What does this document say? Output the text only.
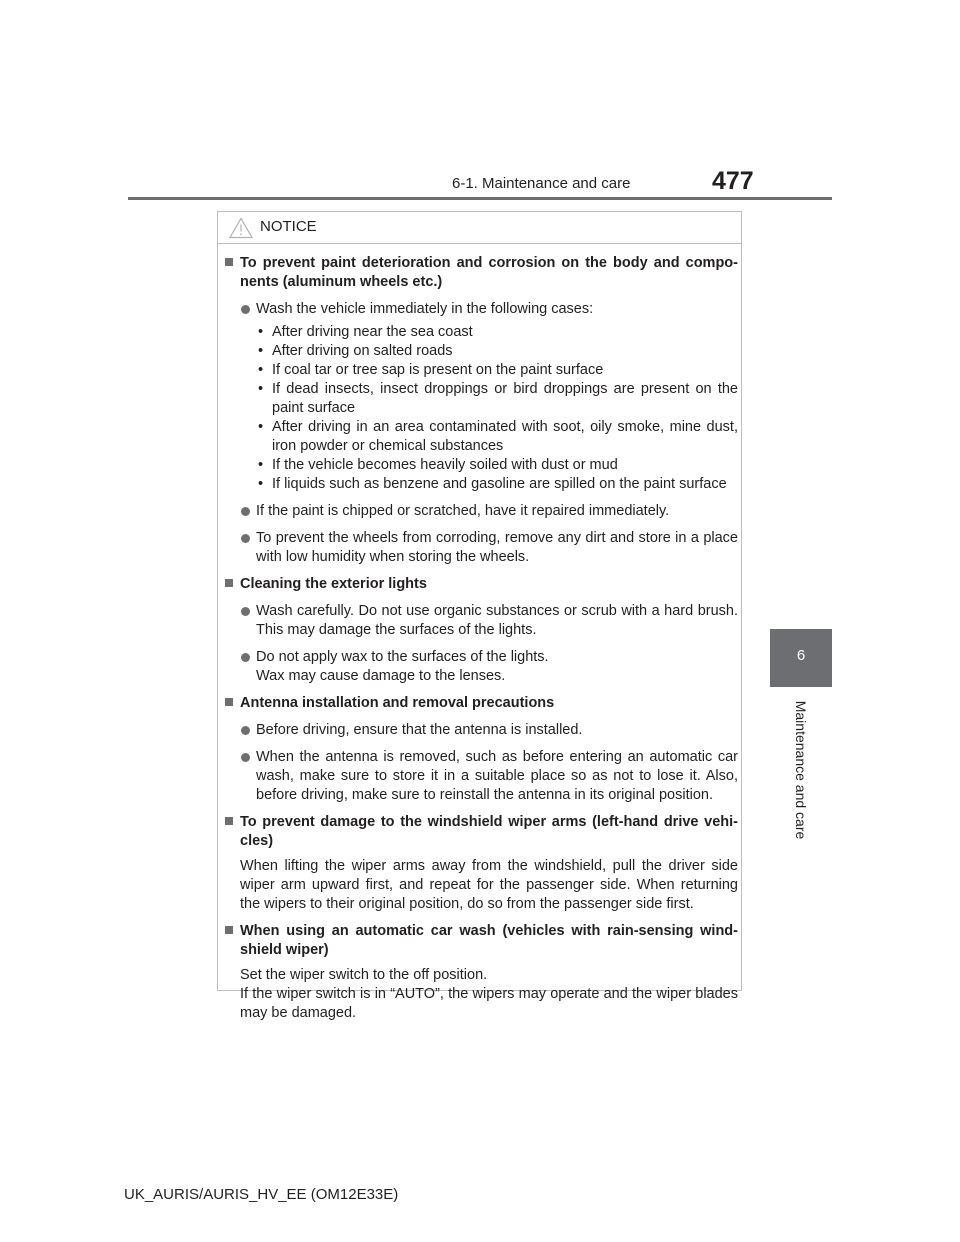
6-1. Maintenance and care	477
6
Maintenance and care
NOTICE
To prevent paint deterioration and corrosion on the body and compo-nents (aluminum wheels etc.)
Wash the vehicle immediately in the following cases:
• After driving near the sea coast
• After driving on salted roads
• If coal tar or tree sap is present on the paint surface
• If dead insects, insect droppings or bird droppings are present on the paint surface
• After driving in an area contaminated with soot, oily smoke, mine dust, iron powder or chemical substances
• If the vehicle becomes heavily soiled with dust or mud
• If liquids such as benzene and gasoline are spilled on the paint surface
If the paint is chipped or scratched, have it repaired immediately.
To prevent the wheels from corroding, remove any dirt and store in a place with low humidity when storing the wheels.
Cleaning the exterior lights
Wash carefully. Do not use organic substances or scrub with a hard brush. This may damage the surfaces of the lights.
Do not apply wax to the surfaces of the lights.
Wax may cause damage to the lenses.
Antenna installation and removal precautions
Before driving, ensure that the antenna is installed.
When the antenna is removed, such as before entering an automatic car wash, make sure to store it in a suitable place so as not to lose it. Also, before driving, make sure to reinstall the antenna in its original position.
To prevent damage to the windshield wiper arms (left-hand drive vehi-cles)
When lifting the wiper arms away from the windshield, pull the driver side wiper arm upward first, and repeat for the passenger side. When returning the wipers to their original position, do so from the passenger side first.
When using an automatic car wash (vehicles with rain-sensing wind-shield wiper)
Set the wiper switch to the off position.
If the wiper switch is in “AUTO”, the wipers may operate and the wiper blades may be damaged.
UK_AURIS/AURIS_HV_EE (OM12E33E)
